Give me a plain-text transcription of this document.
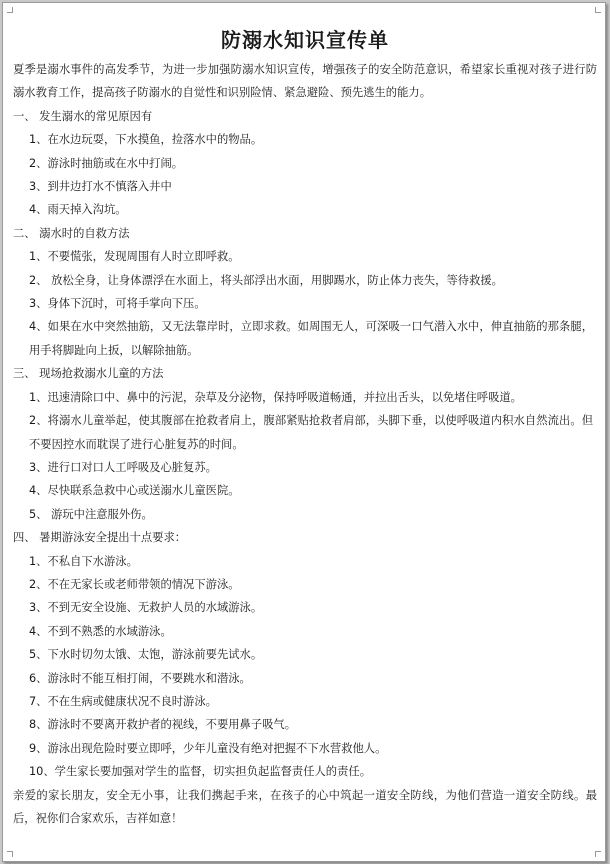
防溺水知识宣传单
夏季是溺水事件的高发季节，为进一步加强防溺水知识宣传，增强孩子的安全防范意识，希望家长重视对孩子进行防溺水教育工作，提高孩子防溺水的自觉性和识别险情、紧急避险、预先逃生的能力。
一、 发生溺水的常见原因有
1、在水边玩耍，下水摸鱼，捡落水中的物品。
2、游泳时抽筋或在水中打闹。
3、到井边打水不慎落入井中
4、雨天掉入沟坑。
二、 溺水时的自救方法
1、不要慌张，发现周围有人时立即呼救。
2、 放松全身，让身体漂浮在水面上，将头部浮出水面，用脚踢水，防止体力丧失，等待救援。
3、身体下沉时，可将手掌向下压。
4、如果在水中突然抽筋，又无法靠岸时，立即求救。如周围无人，可深吸一口气潜入水中，伸直抽筋的那条腿，用手将脚趾向上扳，以解除抽筋。
三、 现场抢救溺水儿童的方法
1、迅速清除口中、鼻中的污泥，杂草及分泌物，保持呼吸道畅通，并拉出舌头，以免堵住呼吸道。
2、将溺水儿童举起，使其腹部在抢救者肩上，腹部紧贴抢救者肩部，头脚下垂，以使呼吸道内积水自然流出。但不要因控水而耽误了进行心脏复苏的时间。
3、进行口对口人工呼吸及心脏复苏。
4、尽快联系急救中心或送溺水儿童医院。
5、 游玩中注意服外伤。
四、 暑期游泳安全提出十点要求：
1、不私自下水游泳。
2、不在无家长或老师带领的情况下游泳。
3、不到无安全设施、无救护人员的水域游泳。
4、不到不熟悉的水域游泳。
5、下水时切勿太饿、太饱，游泳前要先试水。
6、游泳时不能互相打闹，不要跳水和潜泳。
7、不在生病或健康状况不良时游泳。
8、游泳时不要离开救护者的视线，不要用鼻子吸气。
9、游泳出现危险时要立即呼，少年儿童没有绝对把握不下水营救他人。
10、学生家长要加强对学生的监督，切实担负起监督责任人的责任。
亲爱的家长朋友，安全无小事，让我们携起手来，在孩子的心中筑起一道安全防线，为他们营造一道安全防线。最后，祝你们合家欢乐，吉祥如意！
